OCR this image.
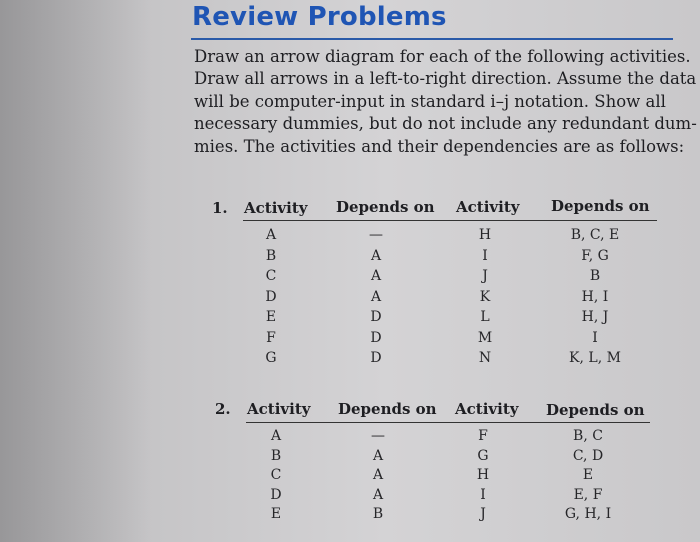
Review Problems

Draw an arrow diagram for each of the following activities.
Draw all arrows in a left-to-right direction. Assume the data
will be computer-input in standard i–j notation. Show all
necessary dummies, but do not include any redundant dum-
mies. The activities and their dependencies are as follows:

1. Activity Depends on Activity Depends on
A
B
C
D
E
F
G
—
A
A
A
D
D
D
H
I
J
K
L
M
N
B, C, E
F, G
B
H, I
H, J
I
K, L, M
2. Activity Depends on Activity Depends on
A
B
C
D
E
—
A
A
A
B
F
G
H
I
J
B, C
C, D
E
E, F
G, H, I
